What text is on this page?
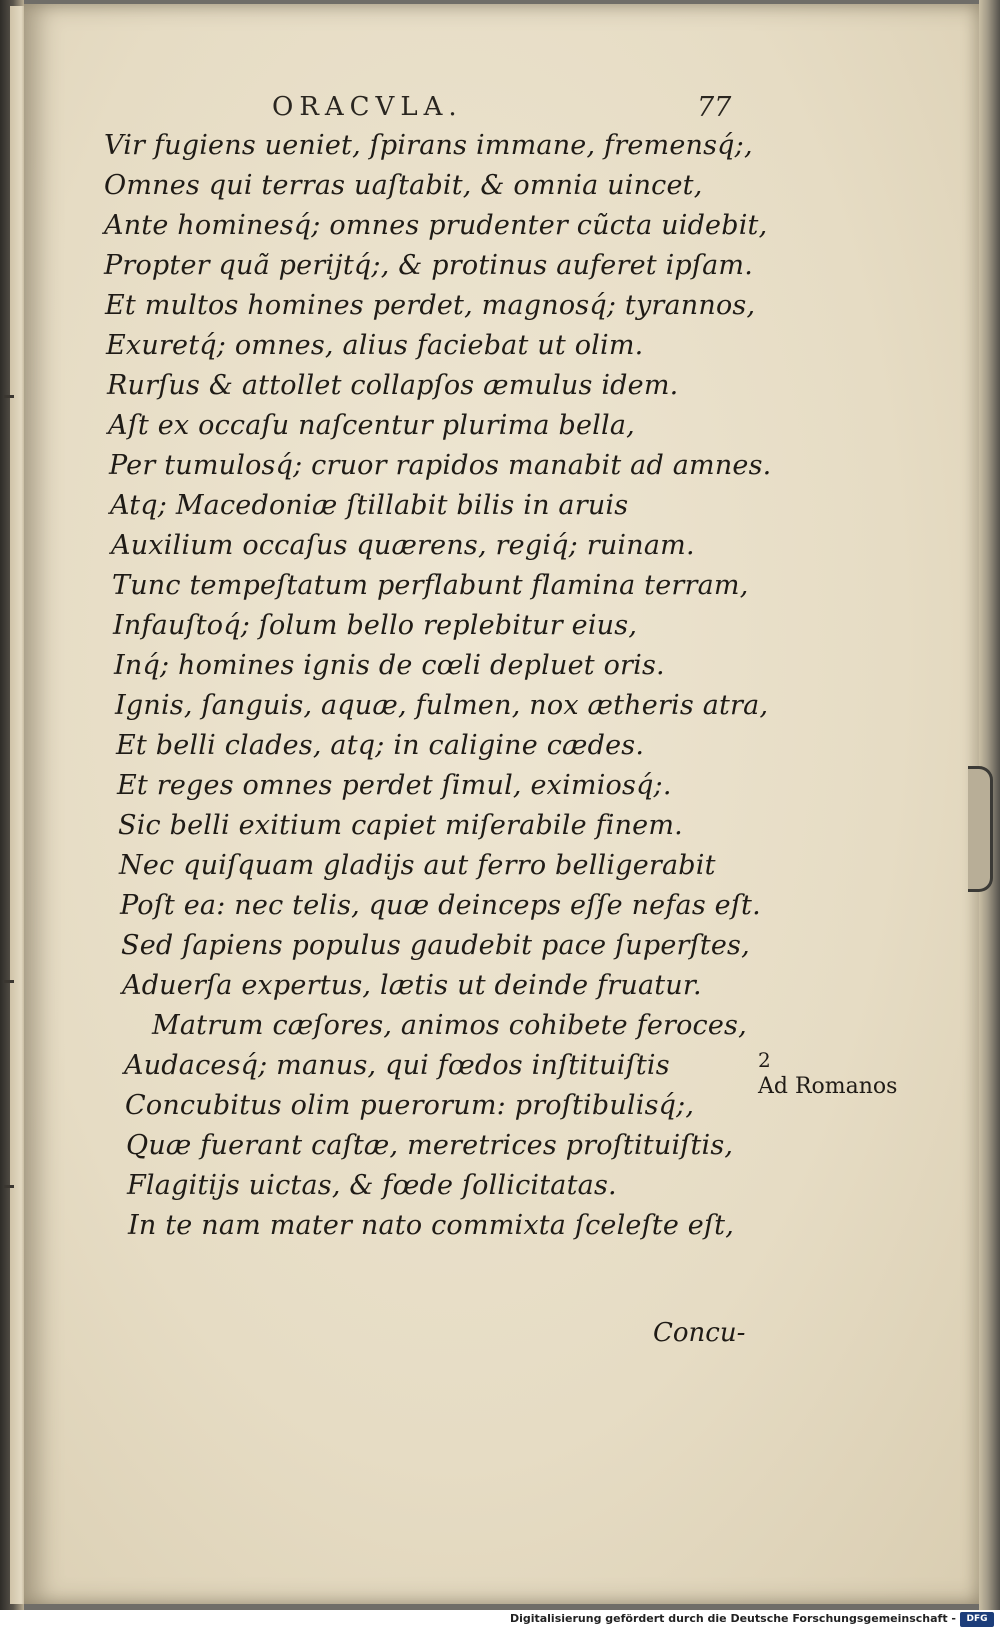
ORACVLA.	77
Vir fugiens ueniet, ſpirans immane, fremensq́;,
Omnes qui terras uaſtabit, & omnia uincet,
Ante hominesq́; omnes prudenter cũcta uidebit,
Propter quã perijtq́;, & protinus auferet ipſam.
Et multos homines perdet, magnosq́; tyrannos,
Exuretq́; omnes, alius faciebat ut olim.
Rurſus & attollet collapſos æmulus idem.
Aſt ex occaſu naſcentur plurima bella,
Per tumulosq́; cruor rapidos manabit ad amnes.
Atq; Macedoniæ ſtillabit bilis in aruis
Auxilium occaſus quærens, regiq́; ruinam.
Tunc tempeſtatum perflabunt flamina terram,
Infauſtoq́; ſolum bello replebitur eius,
Inq́; homines ignis de cœli depluet oris.
Ignis, ſanguis, aquæ, fulmen, nox ætheris atra,
Et belli clades, atq; in caligine cædes.
Et reges omnes perdet ſimul, eximiosq́;.
Sic belli exitium capiet miſerabile finem.
Nec quiſquam gladijs aut ferro belligerabit
Poſt ea: nec telis, quæ deinceps eſſe nefas eſt.
Sed ſapiens populus gaudebit pace ſuperſtes,
Aduerſa expertus, lætis ut deinde fruatur.
Matrum cæſores, animos cohibete feroces,
Audacesq́; manus, qui fœdos inſtituiſtis
Concubitus olim puerorum: proſtibulisq́;,
Quæ fuerant caſtæ, meretrices proſtituiſtis,
Flagitijs uictas, & fœde ſollicitatas.
In te nam mater nato commixta ſceleſte eſt,
Concu-
2
Ad Romanos
Digitalisierung gefördert durch die Deutsche Forschungsgemeinschaft -	DFG
